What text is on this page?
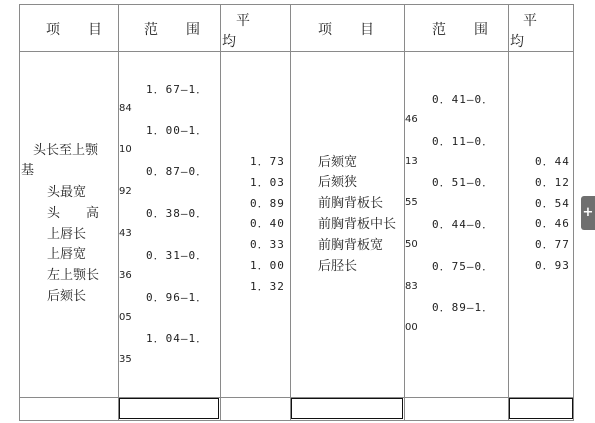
项　　目	范　　围
平
均
项　　目	范　　围
平
均
头长至上颚
基
头最宽
头　　高
上唇长
上唇宽
左上颚长
后颏长
1．67—1．
84
1．00—1．
10
0．87—0．
92
0．38—0．
43
0．31—0．
36
0．96—1．
05
1．04—1．
35
1．73
1．03
0．89
0．40
0．33
1．00
1．32
后颏宽
后颏狭
前胸背板长
前胸背板中长
前胸背板宽
后胫长
0．41—0．
46
0．11—0．
13
0．51—0．
55
0．44—0．
50
0．75—0．
83
0．89—1．
00
0．44
0．12
0．54
0．46
0．77
0．93
+
